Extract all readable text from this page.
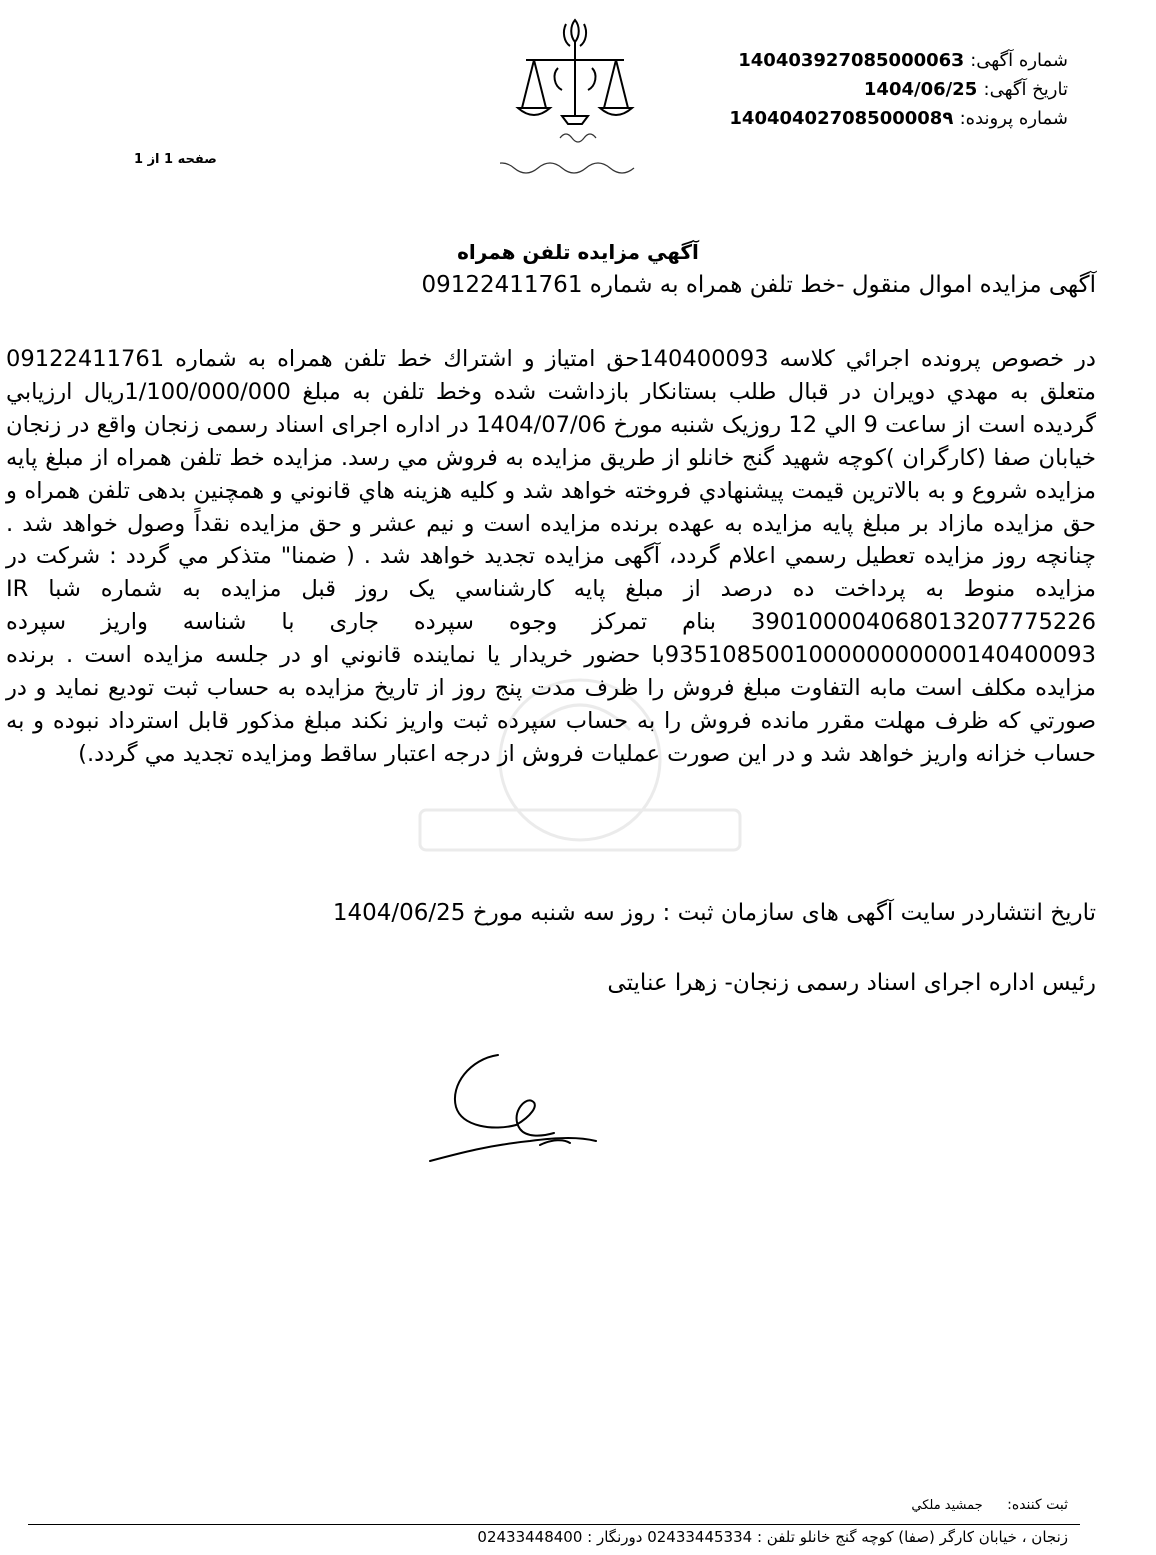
شماره آگهی: 14040392708500006З
تاریخ آگهی: 1404/06/25
شماره پرونده: 14040402708500008٩
صفحه 1 از 1
آگهي مزايده تلفن همراه
آگهی مزایده اموال منقول -خط تلفن همراه به شماره 09122411761
در خصوص پرونده اجرائي كلاسه 140400093حق امتياز و اشتراك خط تلفن همراه به شماره 09122411761 متعلق به مهدي دويران در قبال طلب بستانكار بازداشت شده وخط تلفن به مبلغ 1/100/000/000ريال ارزيابي گرديده است از ساعت 9 الي 12 روزیک شنبه مورخ 1404/07/06 در اداره اجرای اسناد رسمی زنجان واقع در زنجان خیابان صفا (کارگران )کوچه شهید گنج خانلو از طريق مزايده به فروش مي رسد. مزايده خط تلفن همراه از مبلغ پايه مزايده شروع و به بالاترين قيمت پيشنهادي فروخته خواهد شد و كليه هزينه هاي قانوني و همچنين بدهی تلفن همراه و حق مزايده مازاد بر مبلغ پايه مزايده به عهده برنده مزايده است و نيم عشر و حق مزايده نقداً وصول خواهد شد . چنانچه روز مزايده تعطيل رسمي اعلام گردد، آگهی مزايده تجديد خواهد شد . ( ضمنا" متذكر مي گردد : شركت در مزايده منوط به پرداخت ده درصد از مبلغ پايه كارشناسي يک روز قبل مزايده به شماره شبا IR 390100004068013207775226 بنام تمرکز وجوه سپرده جاری با شناسه واریز سپرده 935108500100000000000140400093با حضور خريدار يا نماينده قانوني او در جلسه مزايده است . برنده مزايده مكلف است مابه التفاوت مبلغ فروش را ظرف مدت پنج روز از تاريخ مزايده به حساب ثبت توديع نمايد و در صورتي كه ظرف مهلت مقرر مانده فروش را به حساب سپرده ثبت واريز نكند مبلغ مذكور قابل استرداد نبوده و به حساب خزانه واريز خواهد شد و در اين صورت عمليات فروش از درجه اعتبار ساقط ومزايده تجديد مي گردد.)
تاریخ انتشاردر سایت آگهی های سازمان ثبت : روز سه شنبه مورخ 1404/06/25
رئیس اداره اجرای اسناد رسمی زنجان- زهرا عنایتی
ثبت كننده: جمشيد ملكي
زنجان ، خیابان کارگر (صفا) کوچه گنج خانلو تلفن : 02433445334 دورنگار : 02433448400
